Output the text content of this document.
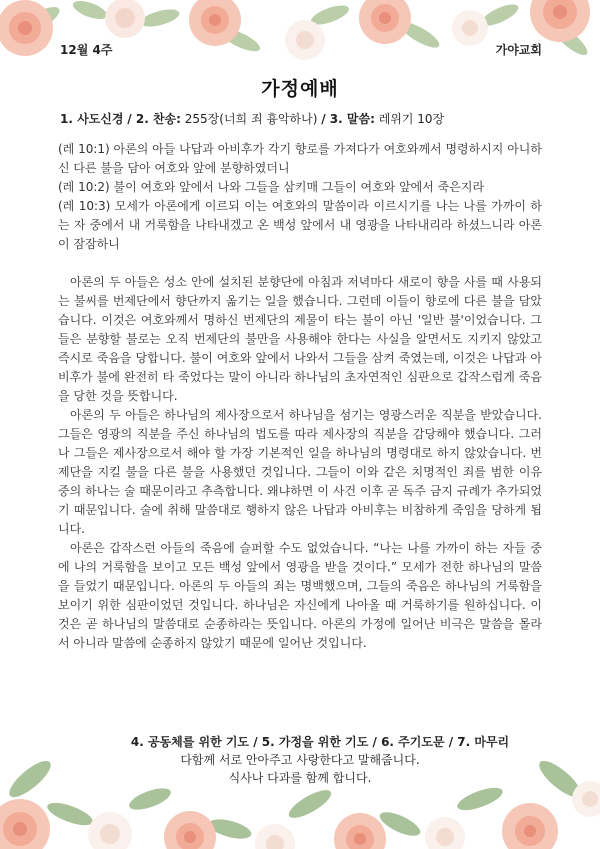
12월 4주	가야교회
가정예배
1. 사도신경 / 2. 찬송: 255장(너희 죄 흉악하나) / 3. 말씀: 레위기 10장

(레 10:1) 아론의 아들 나답과 아비후가 각기 향로를 가져다가 여호와께서 명령하시지 아니하신 다른 불을 담아 여호와 앞에 분향하였더니

(레 10:2) 불이 여호와 앞에서 나와 그들을 삼키매 그들이 여호와 앞에서 죽은지라

(레 10:3) 모세가 아론에게 이르되 이는 여호와의 말씀이라 이르시기를 나는 나를 가까이 하는 자 중에서 내 거룩함을 나타내겠고 온 백성 앞에서 내 영광을 나타내리라 하셨느니라 아론이 잠잠하니

아론의 두 아들은 성소 안에 설치된 분향단에 아침과 저녁마다 새로이 향을 사를 때 사용되는 불씨를 번제단에서 향단까지 옮기는 일을 했습니다. 그런데 이들이 향로에 다른 불을 담았습니다. 이것은 여호와께서 명하신 번제단의 제물이 타는 불이 아닌 '일반 불'이었습니다. 그들은 분향할 불로는 오직 번제단의 불만을 사용해야 한다는 사실을 알면서도 지키지 않았고 즉시로 죽음을 당합니다. 불이 여호와 앞에서 나와서 그들을 삼켜 죽였는데, 이것은 나답과 아비후가 불에 완전히 타 죽었다는 말이 아니라 하나님의 초자연적인 심판으로 갑작스럽게 죽음을 당한 것을 뜻합니다.

아론의 두 아들은 하나님의 제사장으로서 하나님을 섬기는 영광스러운 직분을 받았습니다. 그들은 영광의 직분을 주신 하나님의 법도를 따라 제사장의 직분을 감당해야 했습니다. 그러나 그들은 제사장으로서 해야 할 가장 기본적인 일을 하나님의 명령대로 하지 않았습니다. 번제단을 지킬 불을 다른 불을 사용했던 것입니다. 그들이 이와 같은 치명적인 죄를 범한 이유 중의 하나는 술 때문이라고 추측합니다. 왜냐하면 이 사건 이후 곧 독주 금지 규례가 추가되었기 때문입니다. 술에 취해 말씀대로 행하지 않은 나답과 아비후는 비참하게 죽임을 당하게 됩니다.

아론은 갑작스런 아들의 죽음에 슬퍼할 수도 없었습니다. “나는 나를 가까이 하는 자들 중에 나의 거룩함을 보이고 모든 백성 앞에서 영광을 받을 것이다.” 모세가 전한 하나님의 말씀을 들었기 때문입니다. 아론의 두 아들의 죄는 명백했으며, 그들의 죽음은 하나님의 거룩함을 보이기 위한 심판이었던 것입니다. 하나님은 자신에게 나아올 때 거룩하기를 원하십니다. 이것은 곧 하나님의 말씀대로 순종하라는 뜻입니다. 아론의 가정에 일어난 비극은 말씀을 몰라서 아니라 말씀에 순종하지 않았기 때문에 일어난 것입니다.

4. 공동체를 위한 기도 / 5. 가정을 위한 기도 / 6. 주기도문 / 7. 마무리
다함께 서로 안아주고 사랑한다고 말해줍니다.
식사나 다과를 함께 합니다.
